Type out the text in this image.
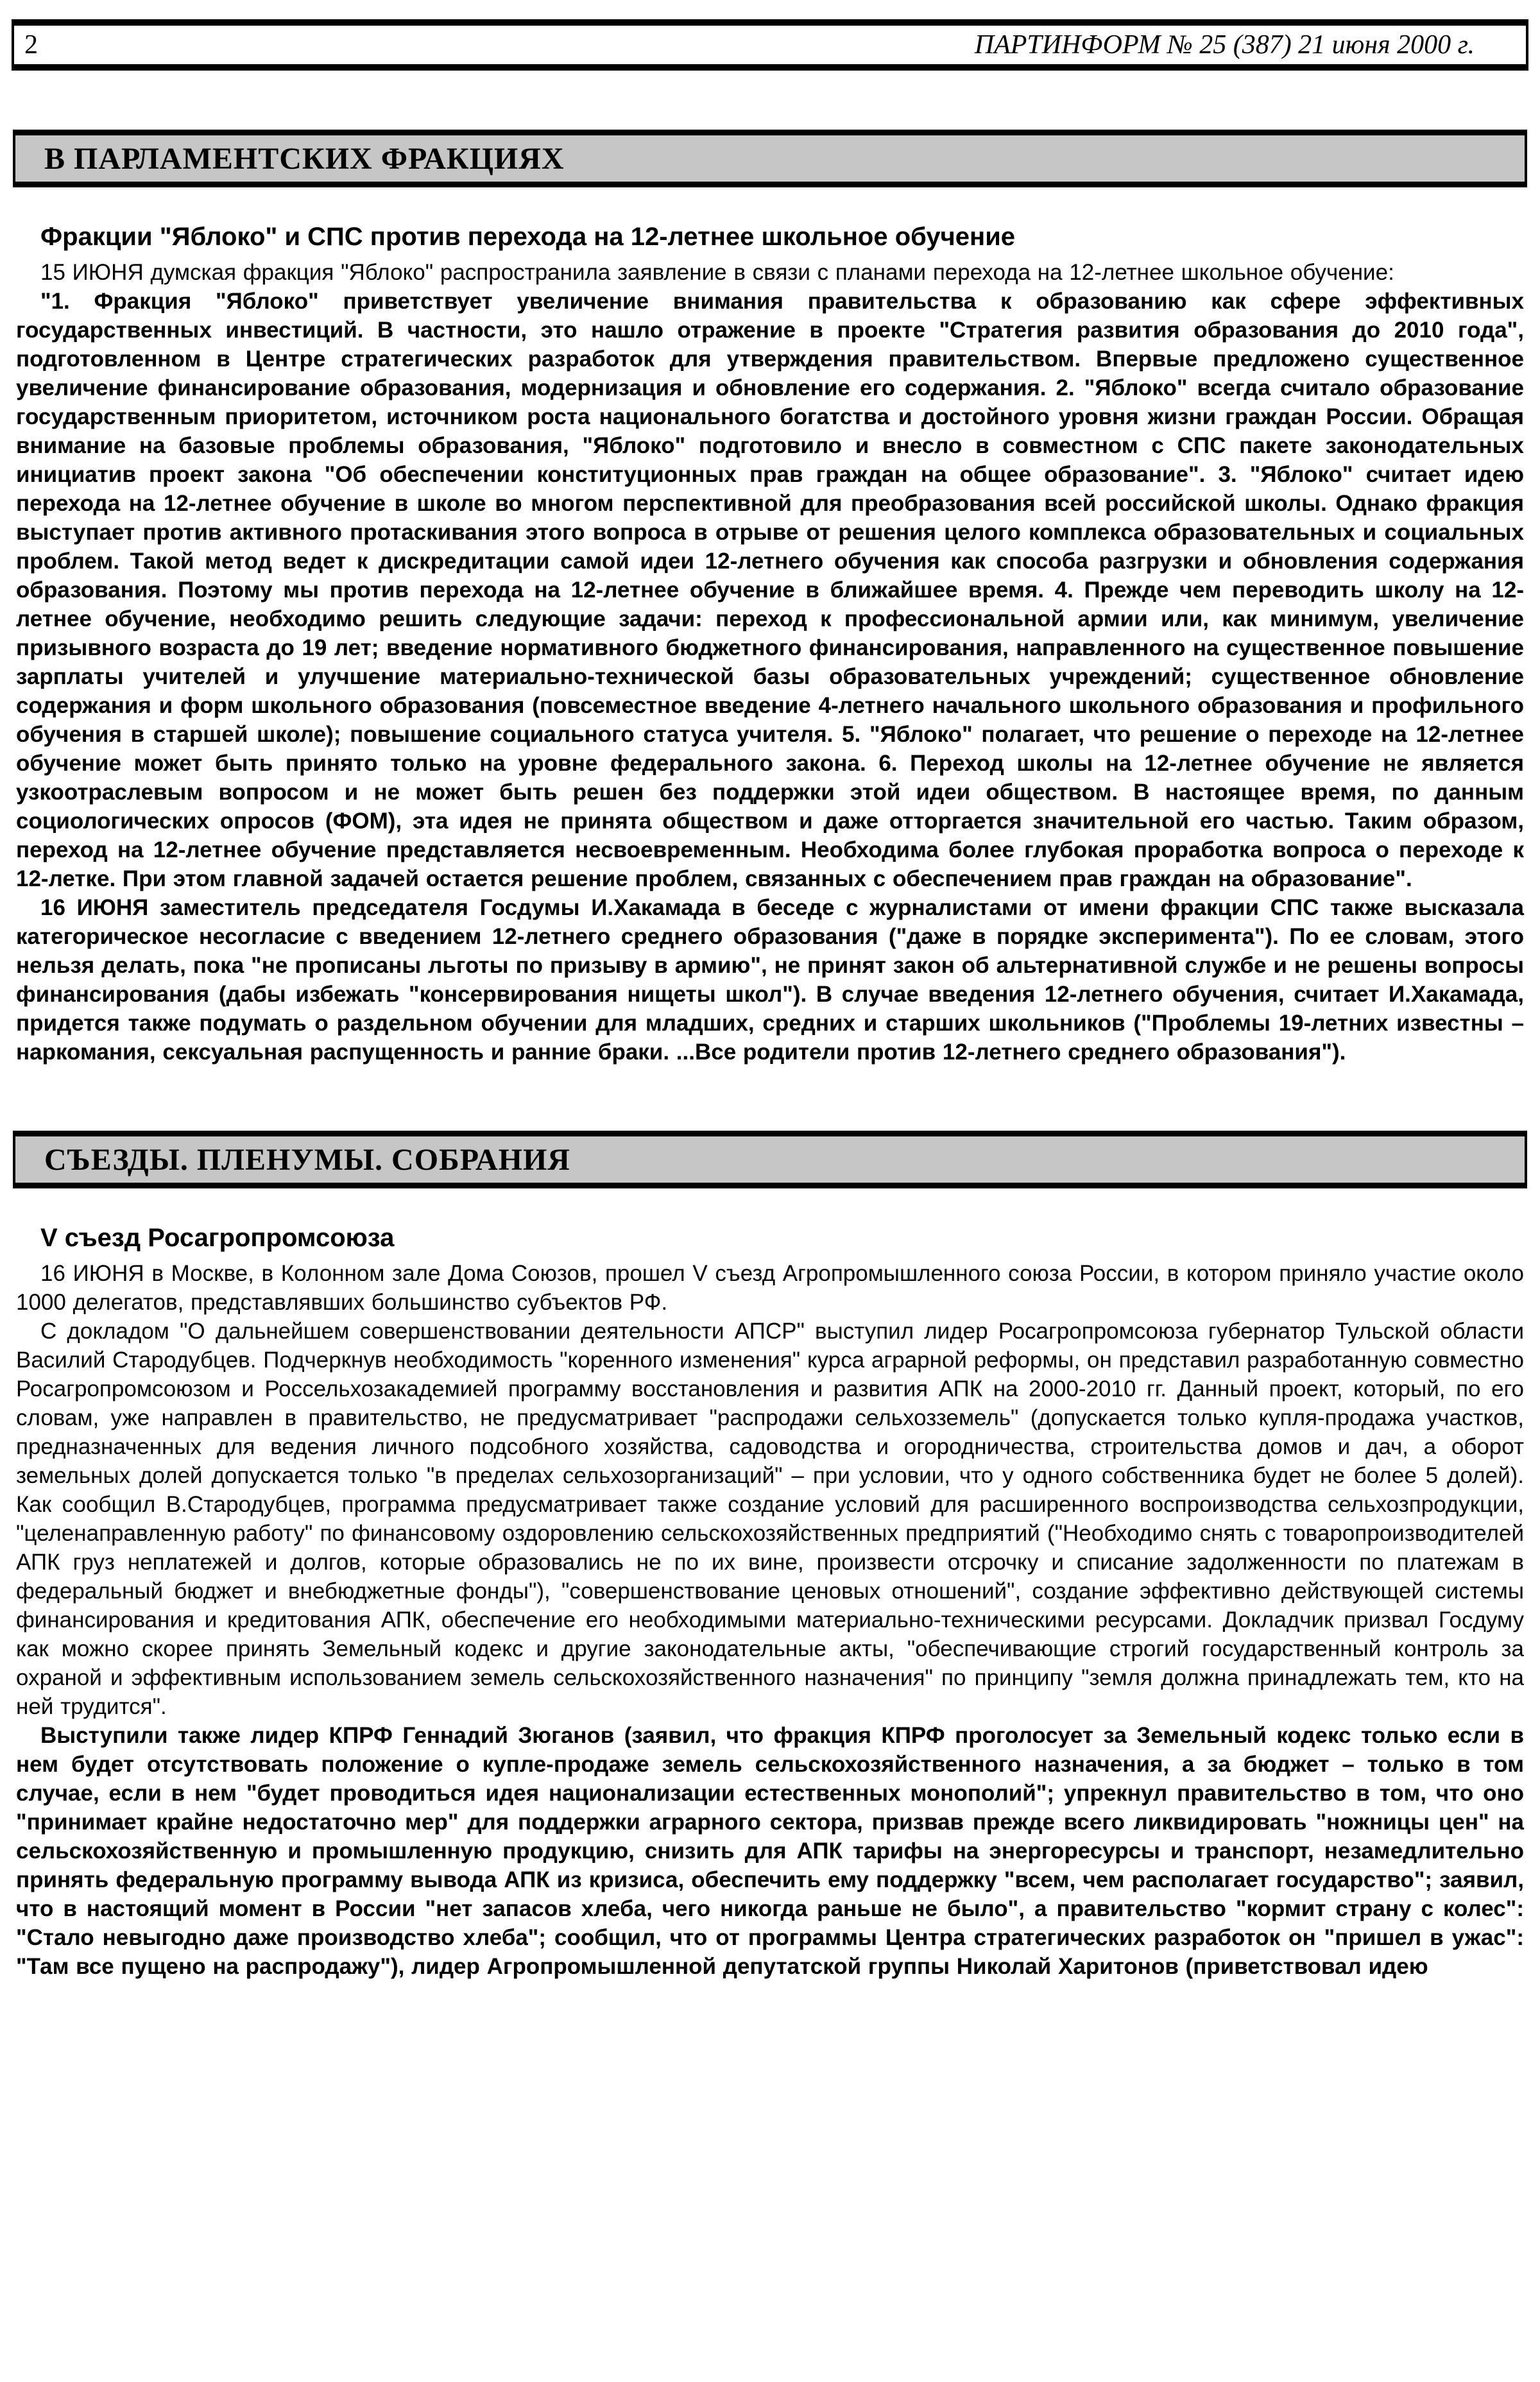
2	ПАРТИНФОРМ № 25 (387) 21 июня 2000 г.
В ПАРЛАМЕНТСКИХ ФРАКЦИЯХ
Фракции "Яблоко" и СПС против перехода на 12-летнее школьное обучение

15 ИЮНЯ думская фракция "Яблоко" распространила заявление в связи с планами перехода на 12-летнее школьное обучение:

"1. Фракция "Яблоко" приветствует увеличение внимания правительства к образованию как сфере эффективных государственных инвестиций. В частности, это нашло отражение в проекте "Стратегия развития образования до 2010 года", подготовленном в Центре стратегических разработок для утверждения правительством. Впервые предложено существенное увеличение финансирование образования, модернизация и обновление его содержания. 2. "Яблоко" всегда считало образование государственным приоритетом, источником роста национального богатства и достойного уровня жизни граждан России. Обращая внимание на базовые проблемы образования, "Яблоко" подготовило и внесло в совместном с СПС пакете законодательных инициатив проект закона "Об обеспечении конституционных прав граждан на общее образование". 3. "Яблоко" считает идею перехода на 12-летнее обучение в школе во многом перспективной для преобразования всей российской школы. Однако фракция выступает против активного протаскивания этого вопроса в отрыве от решения целого комплекса образовательных и социальных проблем. Такой метод ведет к дискредитации самой идеи 12-летнего обучения как способа разгрузки и обновления содержания образования. Поэтому мы против перехода на 12-летнее обучение в ближайшее время. 4. Прежде чем переводить школу на 12-летнее обучение, необходимо решить следующие задачи: переход к профессиональной армии или, как минимум, увеличение призывного возраста до 19 лет; введение нормативного бюджетного финансирования, направленного на существенное повышение зарплаты учителей и улучшение материально-технической базы образовательных учреждений; существенное обновление содержания и форм школьного образования (повсеместное введение 4-летнего начального школьного образования и профильного обучения в старшей школе); повышение социального статуса учителя. 5. "Яблоко" полагает, что решение о переходе на 12-летнее обучение может быть принято только на уровне федерального закона. 6. Переход школы на 12-летнее обучение не является узкоотраслевым вопросом и не может быть решен без поддержки этой идеи обществом. В настоящее время, по данным социологических опросов (ФОМ), эта идея не принята обществом и даже отторгается значительной его частью. Таким образом, переход на 12-летнее обучение представляется несвоевременным. Необходима более глубокая проработка вопроса о переходе к 12-летке. При этом главной задачей остается решение проблем, связанных с обеспечением прав граждан на образование".

16 ИЮНЯ заместитель председателя Госдумы И.Хакамада в беседе с журналистами от имени фракции СПС также высказала категорическое несогласие с введением 12-летнего среднего образования ("даже в порядке эксперимента"). По ее словам, этого нельзя делать, пока "не прописаны льготы по призыву в армию", не принят закон об альтернативной службе и не решены вопросы финансирования (дабы избежать "консервирования нищеты школ"). В случае введения 12-летнего обучения, считает И.Хакамада, придется также подумать о раздельном обучении для младших, средних и старших школьников ("Проблемы 19-летних известны – наркомания, сексуальная распущенность и ранние браки. ...Все родители против 12-летнего среднего образования").

СЪЕЗДЫ. ПЛЕНУМЫ. СОБРАНИЯ
V съезд Росагропромсоюза

16 ИЮНЯ в Москве, в Колонном зале Дома Союзов, прошел V съезд Агропромышленного союза России, в котором приняло участие около 1000 делегатов, представлявших большинство субъектов РФ.

С докладом "О дальнейшем совершенствовании деятельности АПСР" выступил лидер Росагропромсоюза губернатор Тульской области Василий Стародубцев. Подчеркнув необходимость "коренного изменения" курса аграрной реформы, он представил разработанную совместно Росагропромсоюзом и Россельхозакадемией программу восстановления и развития АПК на 2000-2010 гг. Данный проект, который, по его словам, уже направлен в правительство, не предусматривает "распродажи сельхозземель" (допускается только купля-продажа участков, предназначенных для ведения личного подсобного хозяйства, садоводства и огородничества, строительства домов и дач, а оборот земельных долей допускается только "в пределах сельхозорганизаций" – при условии, что у одного собственника будет не более 5 долей). Как сообщил В.Стародубцев, программа предусматривает также создание условий для расширенного воспроизводства сельхозпродукции, "целенаправленную работу" по финансовому оздоровлению сельскохозяйственных предприятий ("Необходимо снять с товаропроизводителей АПК груз неплатежей и долгов, которые образовались не по их вине, произвести отсрочку и списание задолженности по платежам в федеральный бюджет и внебюджетные фонды"), "совершенствование ценовых отношений", создание эффективно действующей системы финансирования и кредитования АПК, обеспечение его необходимыми материально-техническими ресурсами. Докладчик призвал Госдуму как можно скорее принять Земельный кодекс и другие законодательные акты, "обеспечивающие строгий государственный контроль за охраной и эффективным использованием земель сельскохозяйственного назначения" по принципу "земля должна принадлежать тем, кто на ней трудится".

Выступили также лидер КПРФ Геннадий Зюганов (заявил, что фракция КПРФ проголосует за Земельный кодекс только если в нем будет отсутствовать положение о купле-продаже земель сельскохозяйственного назначения, а за бюджет – только в том случае, если в нем "будет проводиться идея национализации естественных монополий"; упрекнул правительство в том, что оно "принимает крайне недостаточно мер" для поддержки аграрного сектора, призвав прежде всего ликвидировать "ножницы цен" на сельскохозяйственную и промышленную продукцию, снизить для АПК тарифы на энергоресурсы и транспорт, незамедлительно принять федеральную программу вывода АПК из кризиса, обеспечить ему поддержку "всем, чем располагает государство"; заявил, что в настоящий момент в России "нет запасов хлеба, чего никогда раньше не было", а правительство "кормит страну с колес": "Стало невыгодно даже производство хлеба"; сообщил, что от программы Центра стратегических разработок он "пришел в ужас": "Там все пущено на распродажу"), лидер Агропромышленной депутатской группы Николай Харитонов (приветствовал идею
